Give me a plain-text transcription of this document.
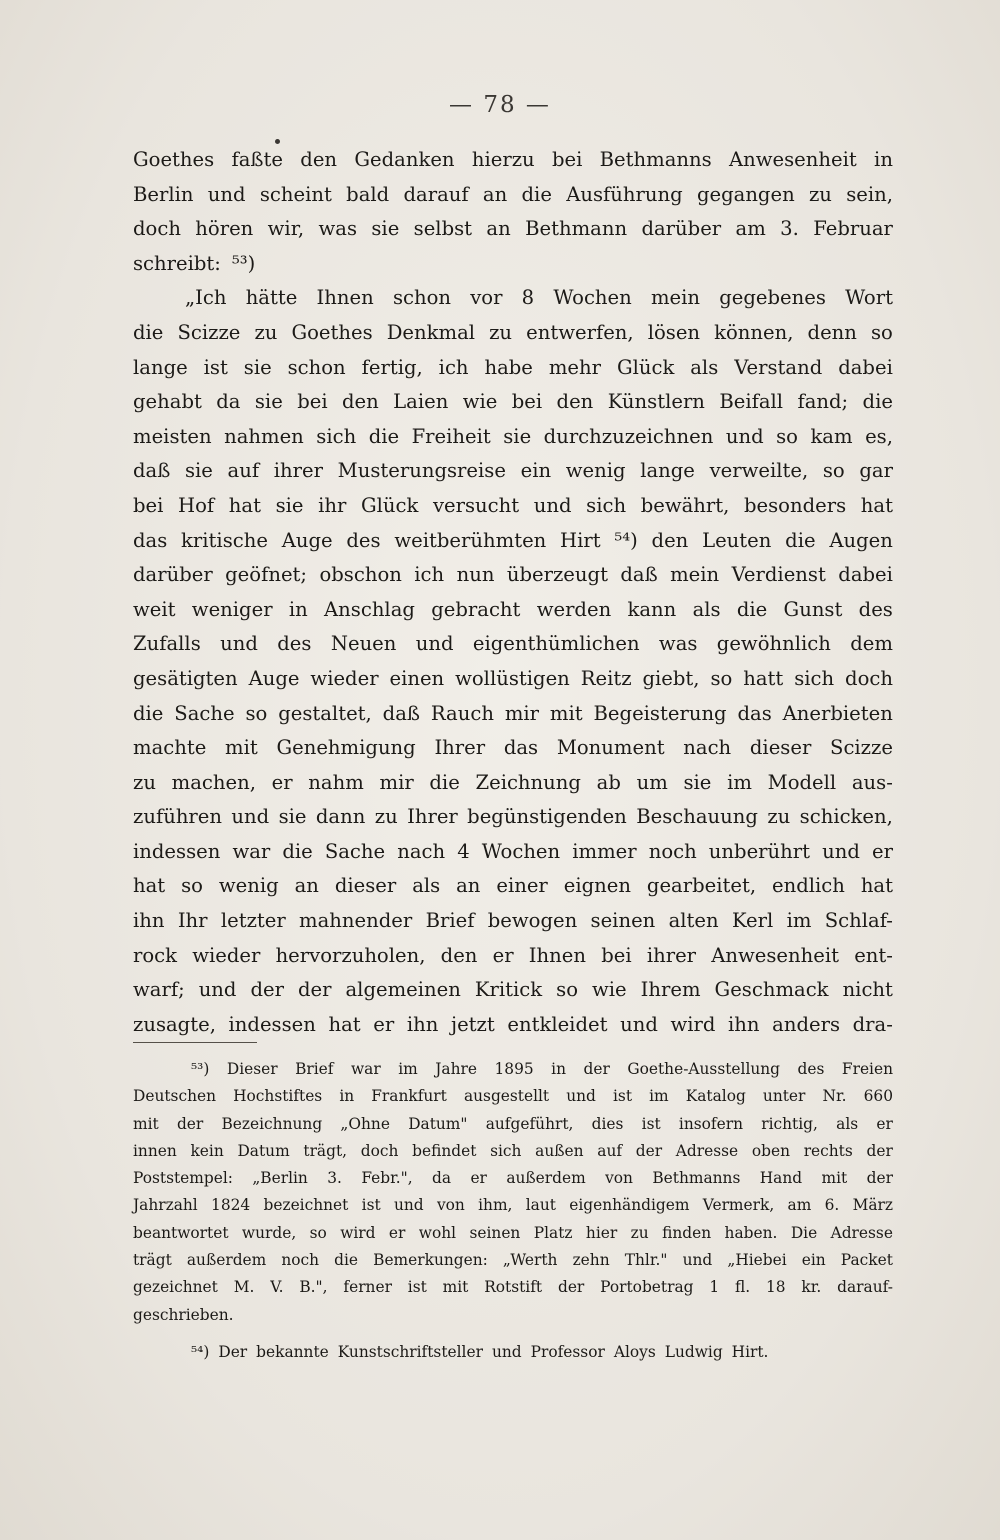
— 78 —
Goethes faßte den Gedanken hierzu bei Bethmanns Anwesenheit in
Berlin und scheint bald darauf an die Ausführung gegangen zu sein,
doch hören wir, was sie selbst an Bethmann darüber am 3. Februar
schreibt: ⁵³)
„Ich hätte Ihnen schon vor 8 Wochen mein gegebenes Wort
die Scizze zu Goethes Denkmal zu entwerfen, lösen können, denn so
lange ist sie schon fertig, ich habe mehr Glück als Verstand dabei
gehabt da sie bei den Laien wie bei den Künstlern Beifall fand; die
meisten nahmen sich die Freiheit sie durchzuzeichnen und so kam es,
daß sie auf ihrer Musterungsreise ein wenig lange verweilte, so gar
bei Hof hat sie ihr Glück versucht und sich bewährt, besonders hat
das kritische Auge des weitberühmten Hirt ⁵⁴) den Leuten die Augen
darüber geöfnet; obschon ich nun überzeugt daß mein Verdienst dabei
weit weniger in Anschlag gebracht werden kann als die Gunst des
Zufalls und des Neuen und eigenthümlichen was gewöhnlich dem
gesätigten Auge wieder einen wollüstigen Reitz giebt, so hatt sich doch
die Sache so gestaltet, daß Rauch mir mit Begeisterung das Anerbieten
machte mit Genehmigung Ihrer das Monument nach dieser Scizze
zu machen, er nahm mir die Zeichnung ab um sie im Modell aus-
zuführen und sie dann zu Ihrer begünstigenden Beschauung zu schicken,
indessen war die Sache nach 4 Wochen immer noch unberührt und er
hat so wenig an dieser als an einer eignen gearbeitet, endlich hat
ihn Ihr letzter mahnender Brief bewogen seinen alten Kerl im Schlaf-
rock wieder hervorzuholen, den er Ihnen bei ihrer Anwesenheit ent-
warf; und der der algemeinen Kritick so wie Ihrem Geschmack nicht
zusagte, indessen hat er ihn jetzt entkleidet und wird ihn anders dra-
⁵³) Dieser Brief war im Jahre 1895 in der Goethe-Ausstellung des Freien
Deutschen Hochstiftes in Frankfurt ausgestellt und ist im Katalog unter Nr. 660
mit der Bezeichnung „Ohne Datum" aufgeführt, dies ist insofern richtig, als er
innen kein Datum trägt, doch befindet sich außen auf der Adresse oben rechts der
Poststempel: „Berlin 3. Febr.", da er außerdem von Bethmanns Hand mit der
Jahrzahl 1824 bezeichnet ist und von ihm, laut eigenhändigem Vermerk, am 6. März
beantwortet wurde, so wird er wohl seinen Platz hier zu finden haben. Die Adresse
trägt außerdem noch die Bemerkungen: „Werth zehn Thlr." und „Hiebei ein Packet
gezeichnet M. V. B.", ferner ist mit Rotstift der Portobetrag 1 fl. 18 kr. darauf-
geschrieben.
⁵⁴) Der bekannte Kunstschriftsteller und Professor Aloys Ludwig Hirt.
